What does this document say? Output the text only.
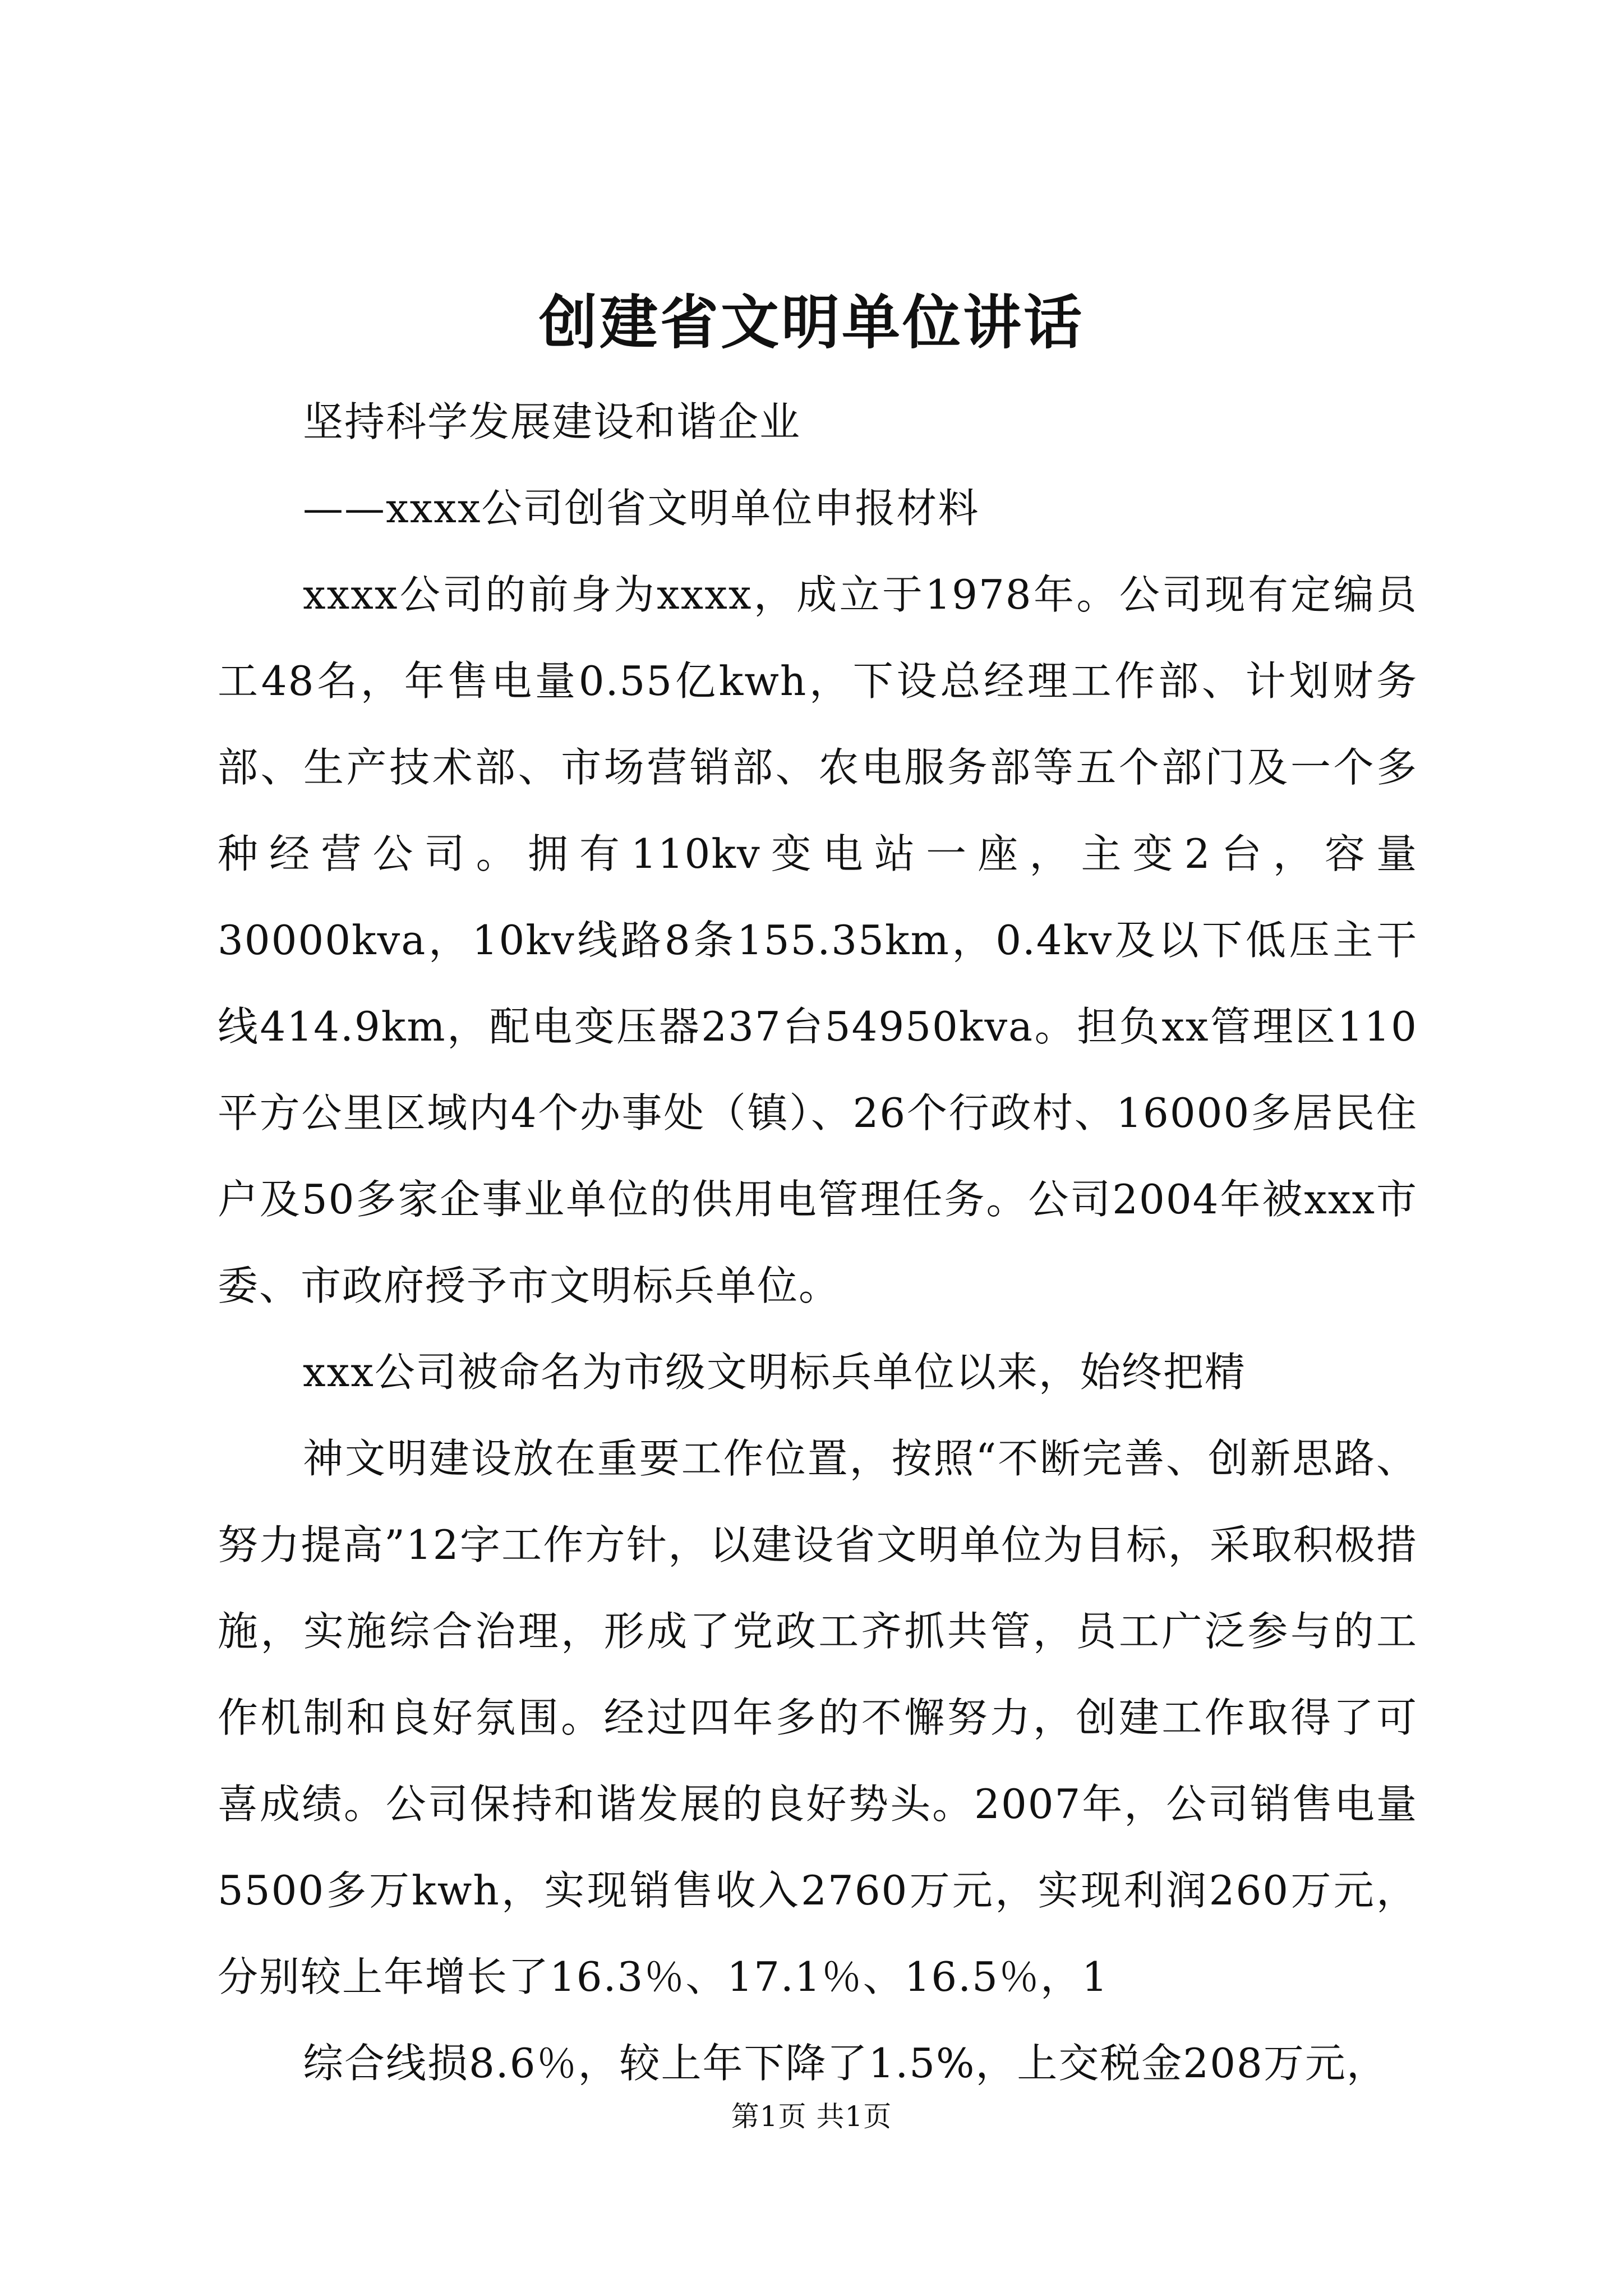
创建省文明单位讲话

坚持科学发展建设和谐企业

——xxxx公司创省文明单位申报材料

xxxx公司的前身为xxxx，成立于1978年。公司现有定编员工48名，年售电量0.55亿kwh，下设总经理工作部、计划财务部、生产技术部、市场营销部、农电服务部等五个部门及一个多种经营公司。拥有110kv变电站一座，主变2台，容量30000kva，10kv线路8条155.35km，0.4kv及以下低压主干线414.9km，配电变压器237台54950kva。担负xx管理区110平方公里区域内4个办事处（镇）、26个行政村、16000多居民住户及50多家企事业单位的供用电管理任务。公司2004年被xxx市委、市政府授予市文明标兵单位。

xxx公司被命名为市级文明标兵单位以来，始终把精

神文明建设放在重要工作位置，按照“不断完善、创新思路、努力提高”12字工作方针，以建设省文明单位为目标，采取积极措施，实施综合治理，形成了党政工齐抓共管，员工广泛参与的工作机制和良好氛围。经过四年多的不懈努力，创建工作取得了可喜成绩。公司保持和谐发展的良好势头。2007年，公司销售电量5500多万kwh，实现销售收入2760万元，实现利润260万元，分别较上年增长了16.3％、17.1％、16.5％，1

综合线损8.6％，较上年下降了1.5%，上交税金208万元，

第1页 共1页
